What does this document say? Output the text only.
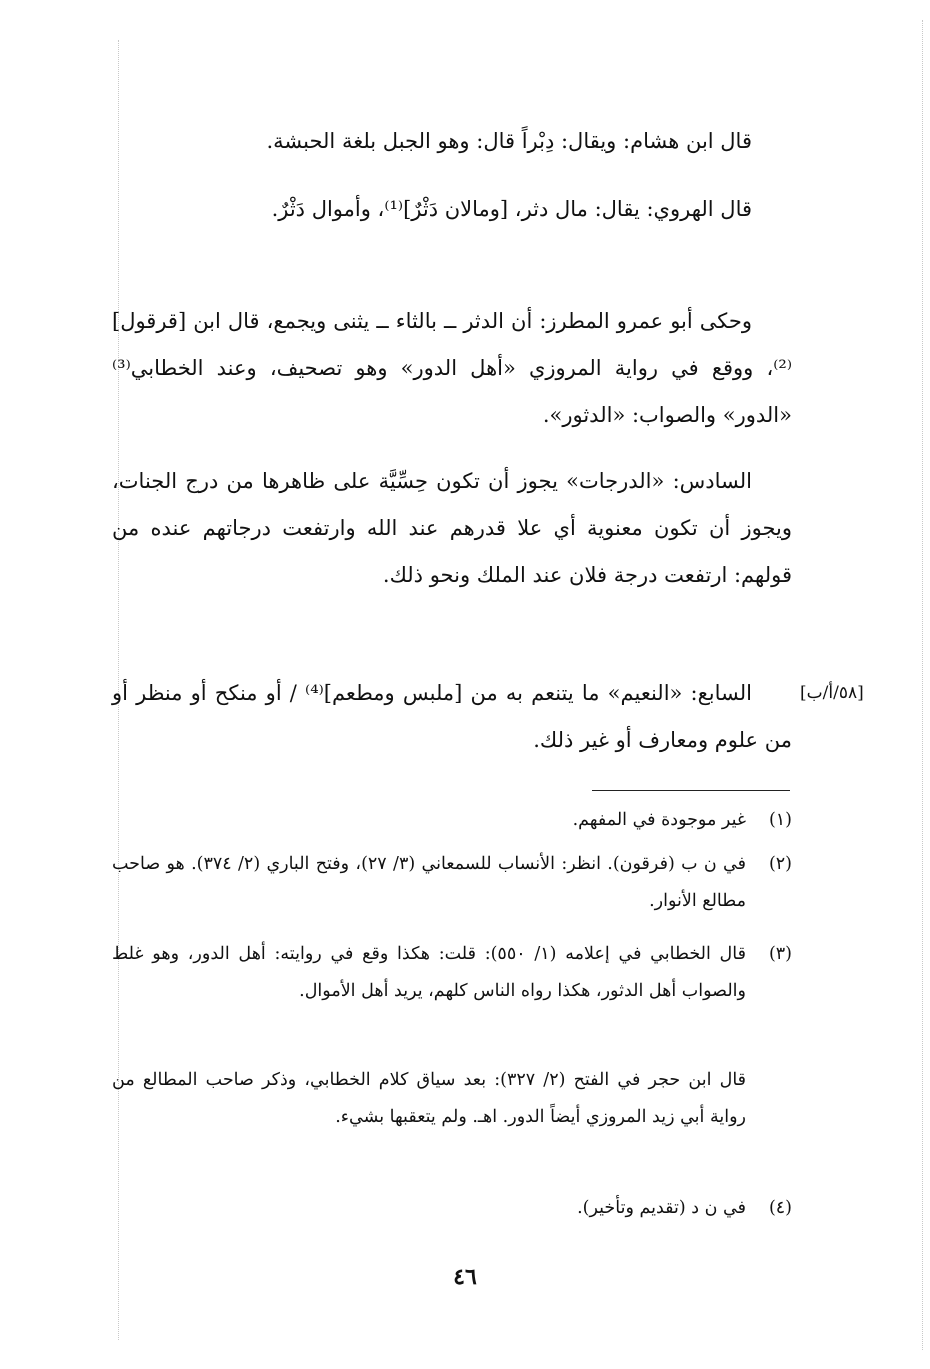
قال ابن هشام: ويقال: دِبْراً قال: وهو الجبل بلغة الحبشة.

قال الهروي: يقال: مال دثر، [ومالان دَثْرٌ]⁽¹⁾، وأموال دَثْرٌ.

وحكى أبو عمرو المطرز: أن الدثر ــ بالثاء ــ يثنى ويجمع، قال ابن [قرقول]⁽²⁾، ووقع في رواية المروزي «أهل الدور» وهو تصحيف، وعند الخطابي⁽³⁾ «الدور» والصواب: «الدثور».

السادس: «الدرجات» يجوز أن تكون حِسِّيَّة على ظاهرها من درج الجنات، ويجوز أن تكون معنوية أي علا قدرهم عند الله وارتفعت درجاتهم عنده من قولهم: ارتفعت درجة فلان عند الملك ونحو ذلك.

السابع: «النعيم» ما يتنعم به من [ملبس ومطعم]⁽⁴⁾ / أو منكح أو منظر أو من علوم ومعارف أو غير ذلك.

[٥٨/أ/ب]
(١)
غير موجودة في المفهم.
(٢)
في ن ب (فرقون). انظر: الأنساب للسمعاني (٣/ ٢٧)، وفتح الباري (٢/ ٣٧٤). هو صاحب مطالع الأنوار.
(٣)
قال الخطابي في إعلامه (١/ ٥٥٠): قلت: هكذا وقع في روايته: أهل الدور، وهو غلط والصواب أهل الدثور، هكذا رواه الناس كلهم، يريد أهل الأموال.
قال ابن حجر في الفتح (٢/ ٣٢٧): بعد سياق كلام الخطابي، وذكر صاحب المطالع من رواية أبي زيد المروزي أيضاً الدور. اهـ. ولم يتعقبها بشيء.
(٤)
في ن د (تقديم وتأخير).
٤٦
